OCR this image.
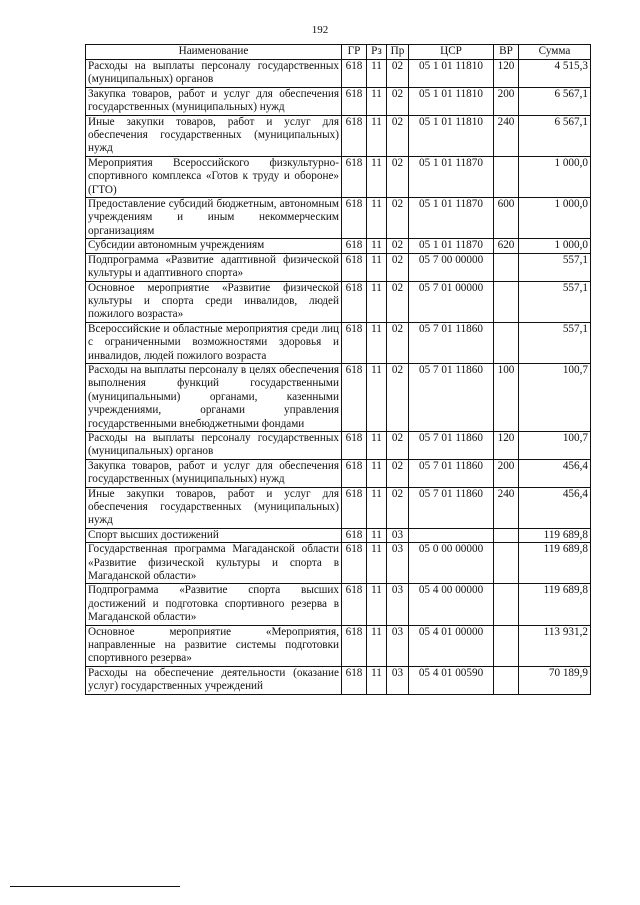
192
Наименование	ГР	Рз	Пр	ЦСР	ВР	Сумма
Расходы на выплаты персоналу государственных (муниципальных) органов	618	11	02	05 1 01 11810	120	4 515,3
Закупка товаров, работ и услуг для обеспечения государственных (муниципальных) нужд	618	11	02	05 1 01 11810	200	6 567,1
Иные закупки товаров, работ и услуг для обеспечения государственных (муниципальных) нужд	618	11	02	05 1 01 11810	240	6 567,1
Мероприятия Всероссийского физкультурно-спортивного комплекса «Готов к труду и обороне» (ГТО)	618	11	02	05 1 01 11870		1 000,0
Предоставление субсидий бюджетным, автономным учреждениям и иным некоммерческим организациям	618	11	02	05 1 01 11870	600	1 000,0
Субсидии автономным учреждениям	618	11	02	05 1 01 11870	620	1 000,0
Подпрограмма «Развитие адаптивной физической культуры и адаптивного спорта»	618	11	02	05 7 00 00000		557,1
Основное мероприятие «Развитие физической культуры и спорта среди инвалидов, людей пожилого возраста»	618	11	02	05 7 01 00000		557,1
Всероссийские и областные мероприятия среди лиц с ограниченными возможностями здоровья и инвалидов, людей пожилого возраста	618	11	02	05 7 01 11860		557,1
Расходы на выплаты персоналу в целях обеспечения выполнения функций государственными (муниципальными) органами, казенными учреждениями, органами управления государственными внебюджетными фондами	618	11	02	05 7 01 11860	100	100,7
Расходы на выплаты персоналу государственных (муниципальных) органов	618	11	02	05 7 01 11860	120	100,7
Закупка товаров, работ и услуг для обеспечения государственных (муниципальных) нужд	618	11	02	05 7 01 11860	200	456,4
Иные закупки товаров, работ и услуг для обеспечения государственных (муниципальных) нужд	618	11	02	05 7 01 11860	240	456,4
Спорт высших достижений	618	11	03			119 689,8
Государственная программа Магаданской области «Развитие физической культуры и спорта в Магаданской области»	618	11	03	05 0 00 00000		119 689,8
Подпрограмма «Развитие спорта высших достижений и подготовка спортивного резерва в Магаданской области»	618	11	03	05 4 00 00000		119 689,8
Основное мероприятие «Мероприятия, направленные на развитие системы подготовки спортивного резерва»	618	11	03	05 4 01 00000		113 931,2
Расходы на обеспечение деятельности (оказание услуг) государственных учреждений	618	11	03	05 4 01 00590		70 189,9
